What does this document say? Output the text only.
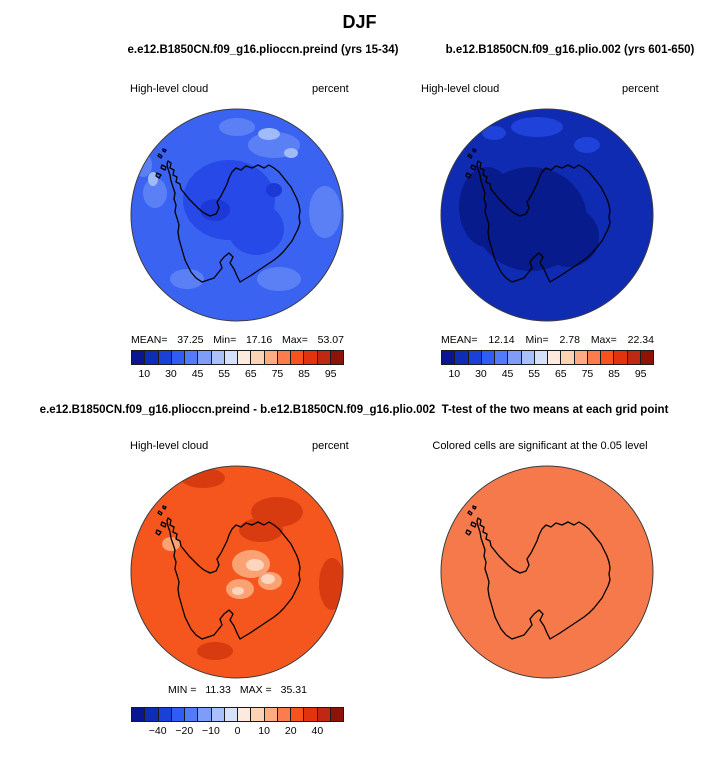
DJF
e.e12.B1850CN.f09_g16.plioccn.preind (yrs 15-34)	b.e12.B1850CN.f09_g16.plio.002 (yrs 601-650)
High-level cloud	percent	High-level cloud	percent
MEAN= 37.25 Min= 17.16 Max= 53.07	MEAN= 12.14 Min= 2.78 Max= 22.34
10 30 45 55 65 75 85 95	10 30 45 55 65 75 85 95
e.e12.B1850CN.f09_g16.plioccn.preind - b.e12.B1850CN.f09_g16.plio.002 T-test of the two means at each grid point
High-level cloud	percent	Colored cells are significant at the 0.05 level
MIN = 11.33 MAX = 35.31
−40 −20 −10 0 10 20 40
